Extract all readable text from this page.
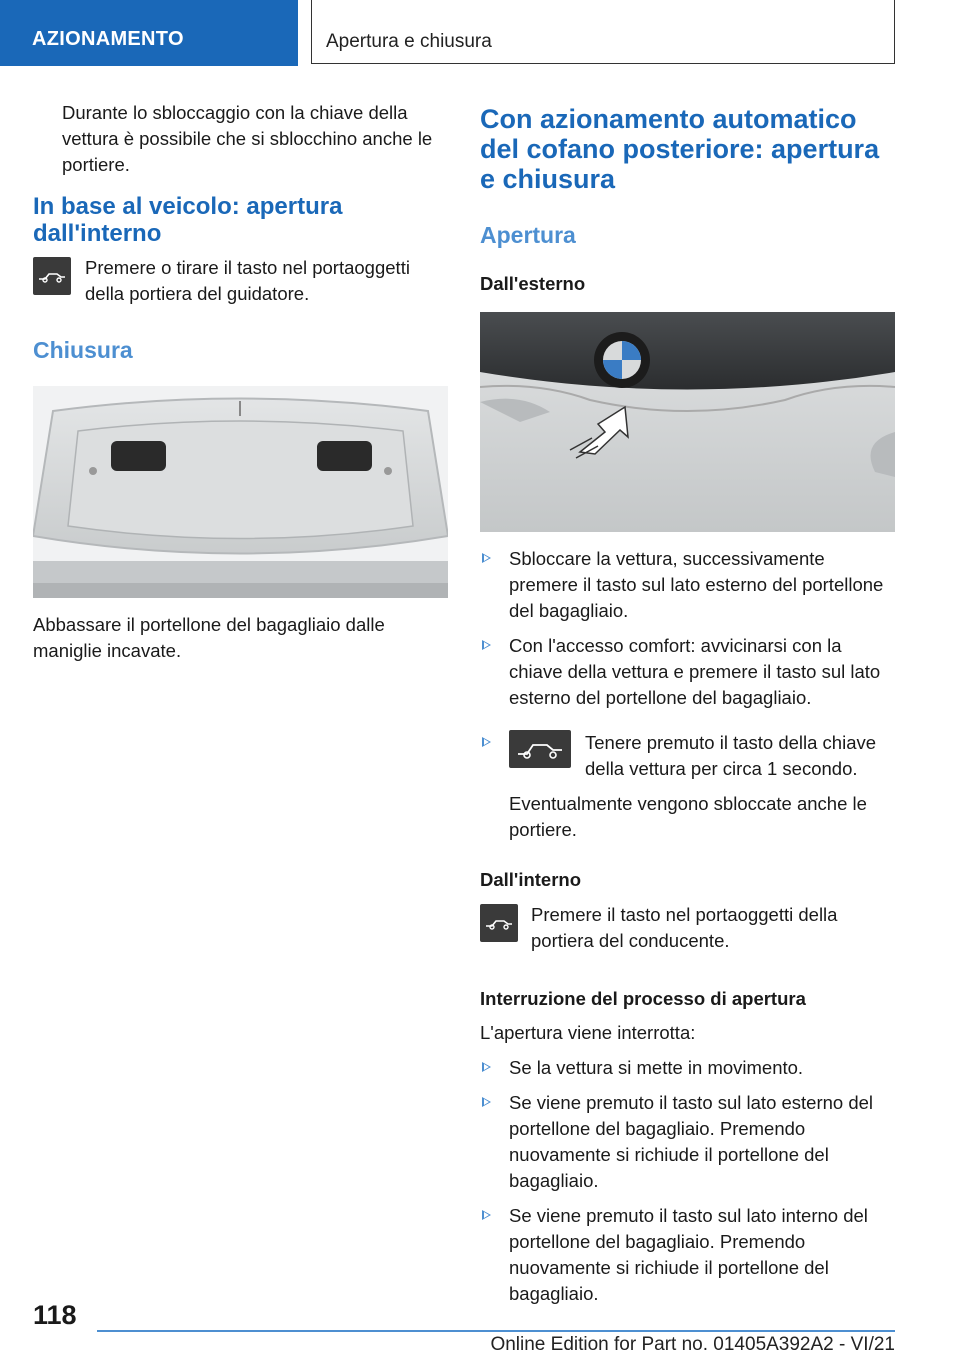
AZIONAMENTO	Apertura e chiusura

Durante lo sbloccaggio con la chiave della vettura è possibile che si sblocchino anche le portiere.

In base al veicolo: apertura dall'interno

Premere o tirare il tasto nel portaoggetti della portiera del guidatore.

Chiusura

Abbassare il portellone del bagagliaio dalle maniglie incavate.

Con azionamento automatico del cofano posteriore: apertura e chiusura
Apertura
Dall'esterno

Sbloccare la vettura, successivamente premere il tasto sul lato esterno del portellone del bagagliaio.

Con l'accesso comfort: avvicinarsi con la chiave della vettura e premere il tasto sul lato esterno del portellone del bagagliaio.

Tenere premuto il tasto della chiave della vettura per circa 1 secondo.

Eventualmente vengono sbloccate anche le portiere.

Dall'interno

Premere il tasto nel portaoggetti della portiera del conducente.

Interruzione del processo di apertura

L'apertura viene interrotta:

Se la vettura si mette in movimento.

Se viene premuto il tasto sul lato esterno del portellone del bagagliaio. Premendo nuovamente si richiude il portellone del bagagliaio.

Se viene premuto il tasto sul lato interno del portellone del bagagliaio. Premendo nuovamente si richiude il portellone del bagagliaio.

118
Online Edition for Part no. 01405A392A2 - VI/21
